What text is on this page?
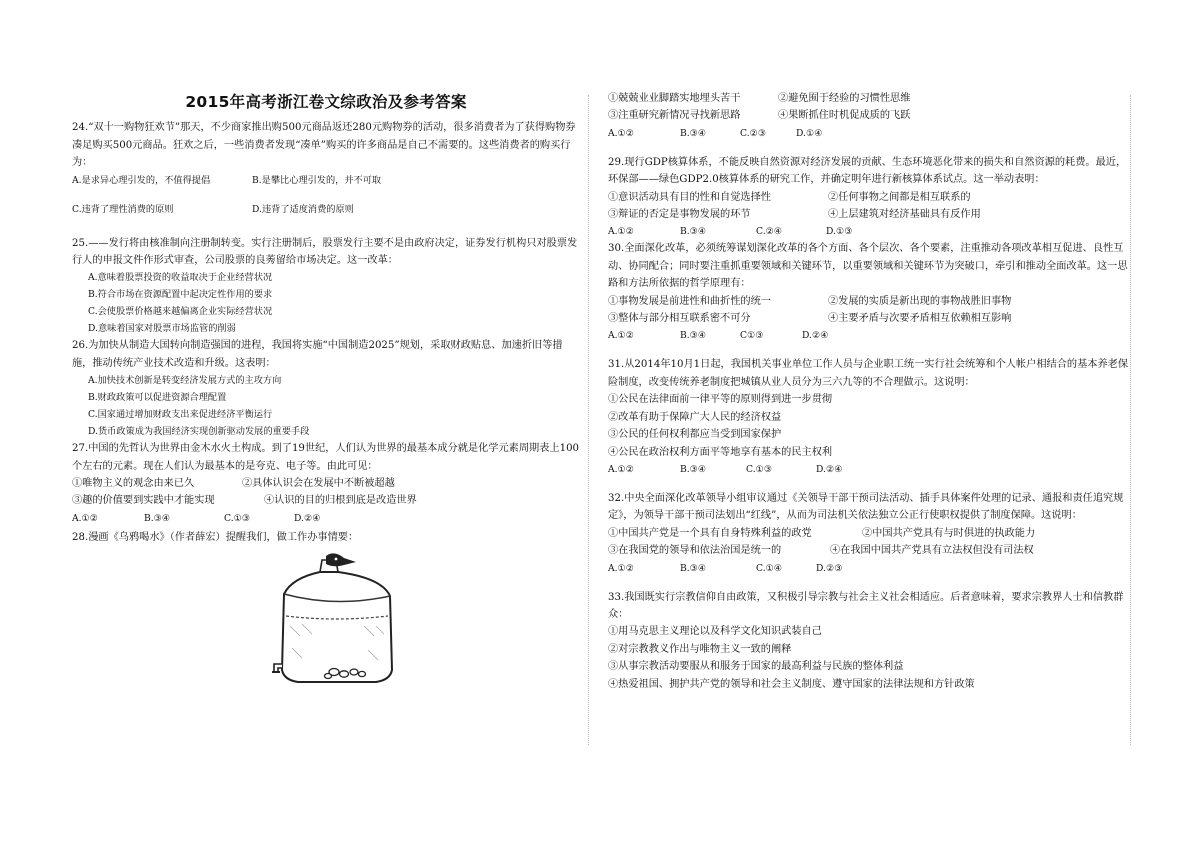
2015年高考浙江卷文综政治及参考答案

24.“双十一购物狂欢节”那天，不少商家推出购500元商品返还280元购物券的活动，很多消费者为了获得购物券凑足购买500元商品。狂欢之后，一些消费者发现“凑单”购买的许多商品是自己不需要的。这些消费者的购买行为：

A.是求异心理引发的，不值得提倡	B.是攀比心理引发的，并不可取
C.违背了理性消费的原则	D.违背了适度消费的原则

25.——发行将由核准制向注册制转变。实行注册制后，股票发行主要不是由政府决定，证券发行机构只对股票发行人的申报文件作形式审查，公司股票的良莠留给市场决定。这一改革：

A.意味着股票投资的收益取决于企业经营状况
B.符合市场在资源配置中起决定性作用的要求
C.会使股票价格越来越偏离企业实际经营状况
D.意味着国家对股票市场监管的削弱

26.为加快从制造大国转向制造强国的进程，我国将实施“中国制造2025”规划，采取财政贴息、加速折旧等措施，推动传统产业技术改造和升级。这表明：

A.加快技术创新是转变经济发展方式的主攻方向
B.财政政策可以促进资源合理配置
C.国家通过增加财政支出来促进经济平衡运行
D.货币政策成为我国经济实现创新驱动发展的重要手段

27.中国的先哲认为世界由金木水火土构成。到了19世纪，人们认为世界的最基本成分就是化学元素周期表上100个左右的元素。现在人们认为最基本的是夸克、电子等。由此可见：

①唯物主义的观念由来已久	②具体认识会在发展中不断被超越
③趣的价值要到实践中才能实现	④认识的目的归根到底是改造世界
A.①②	B.③④	C.①③	D.②④

28.漫画《乌鸦喝水》（作者薛宏）提醒我们，做工作办事情要：

①兢兢业业脚踏实地埋头苦干	②避免囿于经验的习惯性思维
③注重研究新情况寻找新思路	④果断抓住时机促成质的飞跃
A.①②	B.③④	C.②③	D.①④

29.现行GDP核算体系，不能反映自然资源对经济发展的贡献、生态环境恶化带来的损失和自然资源的耗费。最近，环保部——绿色GDP2.0核算体系的研究工作，并确定明年进行新核算体系试点。这一举动表明：

①意识活动具有目的性和自觉选择性	②任何事物之间都是相互联系的
③辩证的否定是事物发展的环节	④上层建筑对经济基础具有反作用
A.①②	B.③④	C.②④	D.①③

30.全面深化改革，必须统筹谋划深化改革的各个方面、各个层次、各个要素，注重推动各项改革相互促进、良性互动、协同配合；同时要注重抓重要领域和关键环节，以重要领域和关键环节为突破口，牵引和推动全面改革。这一思路和方法所依据的哲学原理有：

①事物发展是前进性和曲折性的统一	②发展的实质是新出现的事物战胜旧事物
③整体与部分相互联系密不可分	④主要矛盾与次要矛盾相互依赖相互影响
A.①②	B.③④	C①③	D.②④

31.从2014年10月1日起，我国机关事业单位工作人员与企业职工统一实行社会统筹和个人帐户相结合的基本养老保险制度，改变传统养老制度把城镇从业人员分为三六九等的不合理做示。这说明：

①公民在法律面前一律平等的原则得到进一步贯彻
②改革有助于保障广大人民的经济权益
③公民的任何权利都应当受到国家保护
④公民在政治权利方面平等地享有基本的民主权利
A.①②	B.③④	C.①③	D.②④

32.中央全面深化改革领导小组审议通过《关领导干部干预司法活动、插手具体案件处理的记录、通报和责任追究规定》，为领导干部干预司法划出“红线”，从而为司法机关依法独立公正行使职权提供了制度保障。这说明：

①中国共产党是一个具有自身特殊利益的政党	②中国共产党具有与时俱进的执政能力
③在我国党的领导和依法治国是统一的	④在我国中国共产党具有立法权但没有司法权
A.①②	B.③④	C.①④	D.②③

33.我国既实行宗教信仰自由政策，又积极引导宗教与社会主义社会相适应。后者意味着，要求宗教界人士和信教群众：

①用马克思主义理论以及科学文化知识武装自己
②对宗教教义作出与唯物主义一致的阐释
③从事宗教活动要服从和服务于国家的最高利益与民族的整体利益
④热爱祖国、拥护共产党的领导和社会主义制度、遵守国家的法律法规和方针政策
